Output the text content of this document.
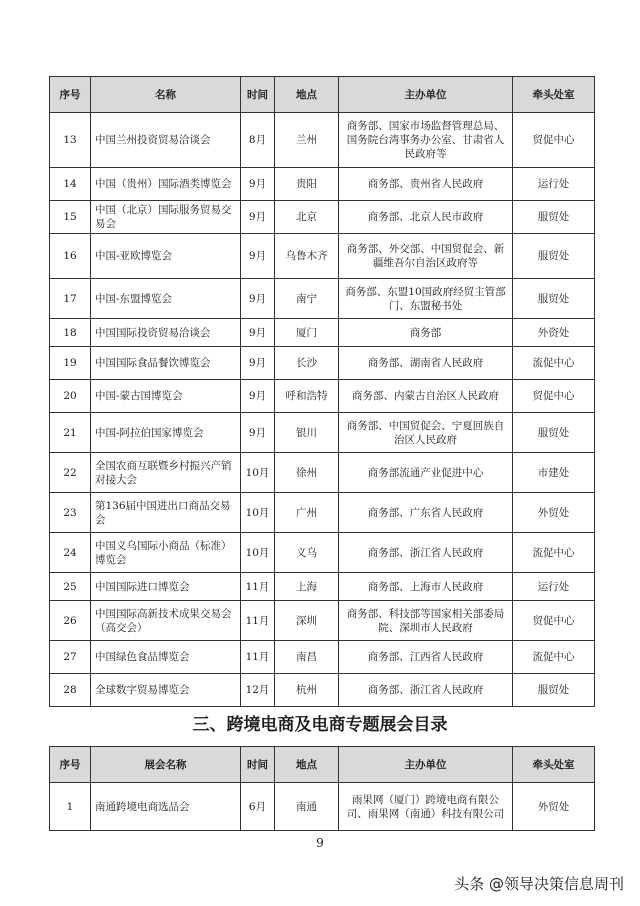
序号	名称	时间	地点	主办单位	牵头处室
13	中国兰州投资贸易洽谈会	8月	兰州	商务部、国家市场监督管理总局、国务院台湾事务办公室、甘肃省人民政府等	贸促中心
14	中国（贵州）国际酒类博览会	9月	贵阳	商务部、贵州省人民政府	运行处
15	中国（北京）国际服务贸易交易会	9月	北京	商务部、北京人民市政府	服贸处
16	中国-亚欧博览会	9月	乌鲁木齐	商务部、外交部、中国贸促会、新疆维吾尔自治区政府等	服贸处
17	中国-东盟博览会	9月	南宁	商务部、东盟10国政府经贸主管部门、东盟秘书处	服贸处
18	中国国际投资贸易洽谈会	9月	厦门	商务部	外资处
19	中国国际食品餐饮博览会	9月	长沙	商务部、湖南省人民政府	流促中心
20	中国-蒙古国博览会	9月	呼和浩特	商务部、内蒙古自治区人民政府	贸促中心
21	中国-阿拉伯国家博览会	9月	银川	商务部、中国贸促会、宁夏回族自治区人民政府	服贸处
22	全国农商互联暨乡村振兴产销对接大会	10月	徐州	商务部流通产业促进中心	市建处
23	第136届中国进出口商品交易会	10月	广州	商务部、广东省人民政府	外贸处
24	中国义乌国际小商品（标准）博览会	10月	义乌	商务部、浙江省人民政府	流促中心
25	中国国际进口博览会	11月	上海	商务部、上海市人民政府	运行处
26	中国国际高新技术成果交易会（高交会）	11月	深圳	商务部、科技部等国家相关部委局院、深圳市人民政府	贸促中心
27	中国绿色食品博览会	11月	南昌	商务部、江西省人民政府	流促中心
28	全球数字贸易博览会	12月	杭州	商务部、浙江省人民政府	服贸处
三、跨境电商及电商专题展会目录
序号	展会名称	时间	地点	主办单位	牵头处室
1	南通跨境电商选品会	6月	南通	雨果网（厦门）跨境电商有限公司、雨果网（南通）科技有限公司	外贸处
9
头条 @领导决策信息周刊
